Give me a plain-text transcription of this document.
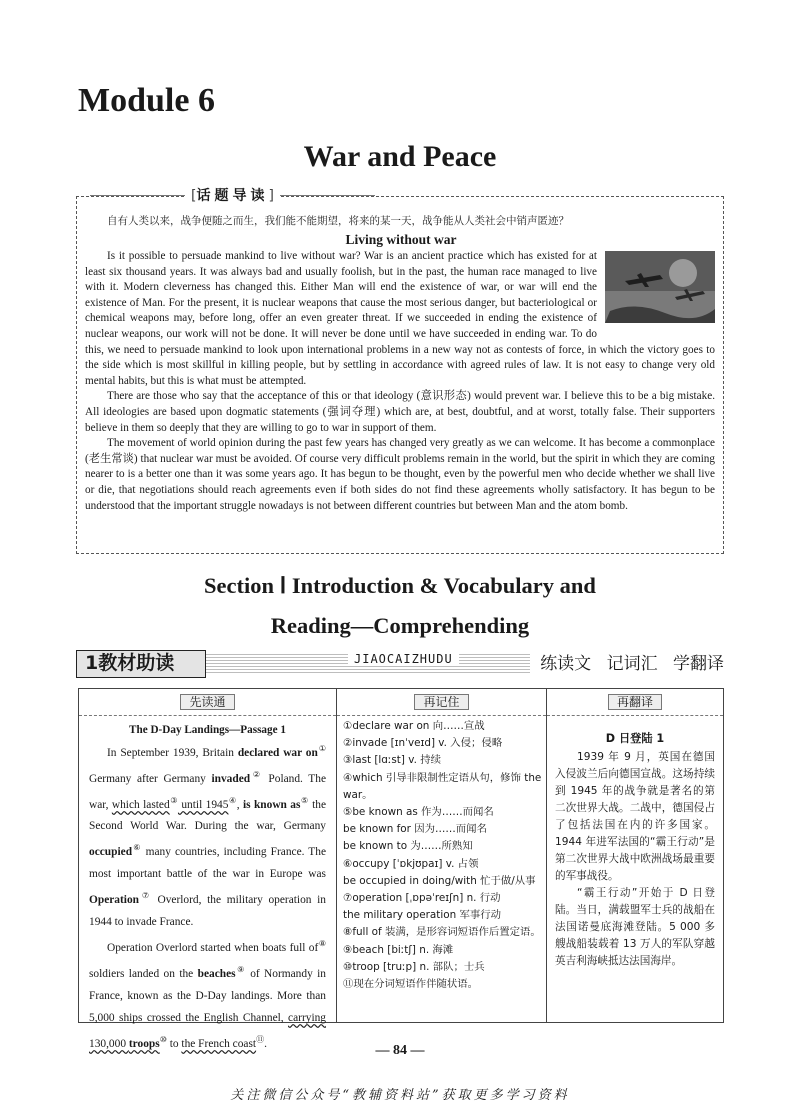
Module 6
War and Peace
[话题导读]

自有人类以来，战争便随之而生，我们能不能期望，将来的某一天，战争能从人类社会中销声匿迹？

Living without war

Is it possible to persuade mankind to live without war? War is an ancient practice which has existed for at least six thousand years. It was always bad and usually foolish, but in the past, the human race managed to live with it. Modern cleverness has changed this. Either Man will end the existence of war, or war will end the existence of Man. For the present, it is nuclear weapons that cause the most serious danger, but bacteriological or chemical weapons may, before long, offer an even greater threat. If we succeeded in ending the existence of nuclear weapons, our work will not be done. It will never be done until we have succeeded in ending war. To do this, we need to persuade mankind to look upon international problems in a new way not as contests of force, in which the victory goes to the side which is most skillful in killing people, but by settling in accordance with agreed rules of law. It is not easy to change very old mental habits, but this is what must be attempted.

There are those who say that the acceptance of this or that ideology (意识形态) would prevent war. I believe this to be a big mistake. All ideologies are based upon dogmatic statements (强词夺理) which are, at best, doubtful, and at worst, totally false. Their supporters believe in them so deeply that they are willing to go to war in support of them.

The movement of world opinion during the past few years has changed very greatly as we can welcome. It has become a commonplace (老生常谈) that nuclear war must be avoided. Of course very difficult problems remain in the world, but the spirit in which they are coming nearer to is a better one than it was some years ago. It has begun to be thought, even by the powerful men who decide whether we shall live or die, that negotiations should reach agreements even if both sides do not find these agreements wholly satisfactory. It has begun to be understood that the important struggle nowadays is not between different countries but between Man and the atom bomb.

Section Ⅰ Introduction & Vocabulary and
Reading—Comprehending
1教材助读	JIAOCAIZHUDU	练读文 记词汇 学翻译
先读通
The D-Day Landings—Passage 1

In September 1939, Britain declared war on① Germany after Germany invaded② Poland. The war, which lasted③ until 1945④, is known as⑤ the Second World War. During the war, Germany occupied⑥ many countries, including France. The most important battle of the war in Europe was Operation⑦ Overlord, the military operation in 1944 to invade France.

Operation Overlord started when boats full of⑧ soldiers landed on the beaches⑨ of Normandy in France, known as the D-Day landings. More than 5,000 ships crossed the English Channel, carrying 130,000 troops⑩ to the French coast⑪.

再记住
①declare war on 向……宣战
②invade [ɪnˈveɪd] v. 入侵；侵略
③last [lɑːst] v. 持续
④which 引导非限制性定语从句，修饰 the war。
⑤be known as 作为……而闻名
be known for 因为……而闻名
be known to 为……所熟知
⑥occupy [ˈɒkjʊpaɪ] v. 占领
be occupied in doing/with 忙于做/从事
⑦operation [ˌɒpəˈreɪʃn] n. 行动
the military operation 军事行动
⑧full of 装满，是形容词短语作后置定语。
⑨beach [biːtʃ] n. 海滩
⑩troop [truːp] n. 部队；士兵
⑪现在分词短语作伴随状语。
再翻译
D 日登陆 1

1939 年 9 月，英国在德国入侵波兰后向德国宣战。这场持续到 1945 年的战争就是著名的第二次世界大战。二战中，德国侵占了包括法国在内的许多国家。1944 年进军法国的“霸王行动”是第二次世界大战中欧洲战场最重要的军事战役。

“霸王行动”开始于 D 日登陆。当日，满载盟军士兵的战船在法国诺曼底海滩登陆。5 000 多艘战船装载着 13 万人的军队穿越英吉利海峡抵达法国海岸。

— 84 —

关注微信公众号“教辅资料站”获取更多学习资料
